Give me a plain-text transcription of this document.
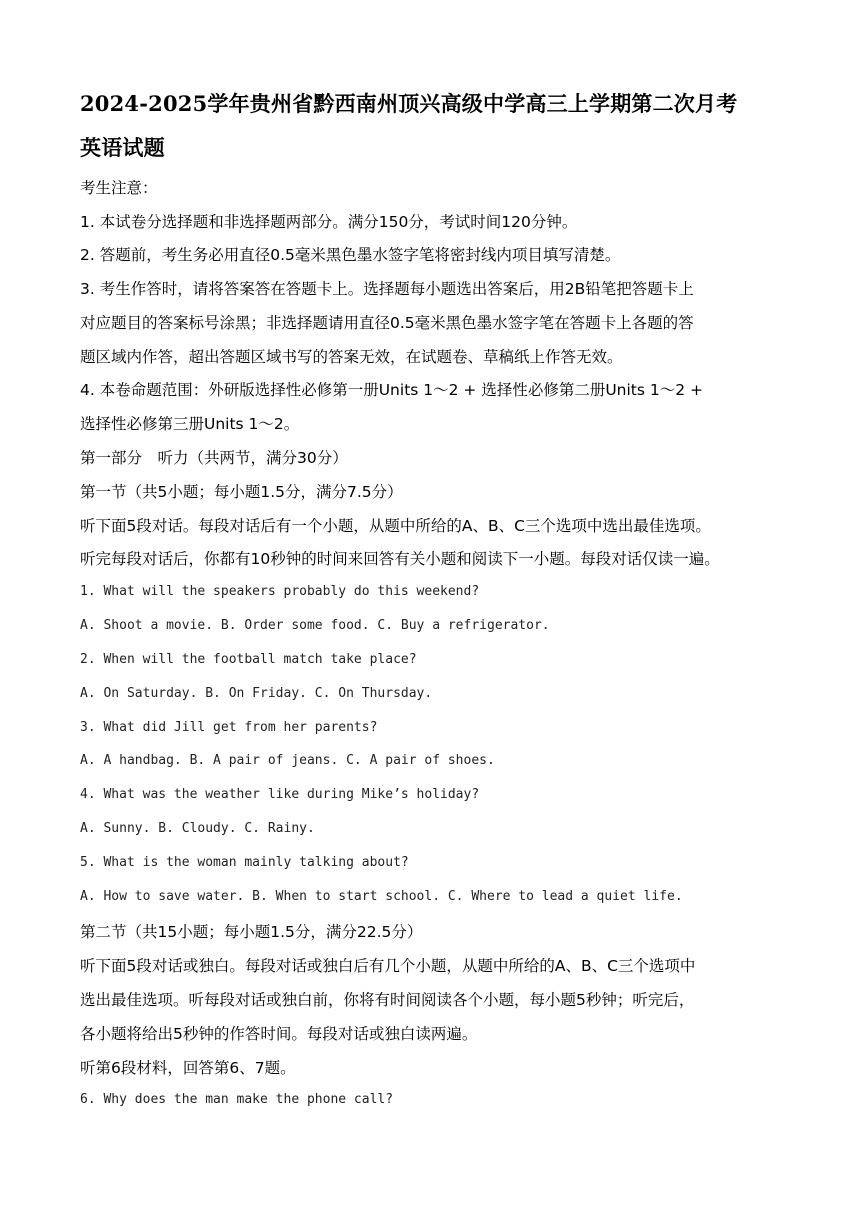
2024-2025学年贵州省黔西南州顶兴高级中学高三上学期第二次月考
英语试题
考生注意：
1. 本试卷分选择题和非选择题两部分。满分150分，考试时间120分钟。
2. 答题前，考生务必用直径0.5毫米黑色墨水签字笔将密封线内项目填写清楚。
3. 考生作答时，请将答案答在答题卡上。选择题每小题选出答案后，用2B铅笔把答题卡上
对应题目的答案标号涂黑；非选择题请用直径0.5毫米黑色墨水签字笔在答题卡上各题的答
题区域内作答，超出答题区域书写的答案无效，在试题卷、草稿纸上作答无效。
4. 本卷命题范围：外研版选择性必修第一册Units 1～2 + 选择性必修第二册Units 1～2 +
选择性必修第三册Units 1～2。
第一部分　听力（共两节，满分30分）
第一节（共5小题；每小题1.5分，满分7.5分）
听下面5段对话。每段对话后有一个小题，从题中所给的A、B、C三个选项中选出最佳选项。
听完每段对话后，你都有10秒钟的时间来回答有关小题和阅读下一小题。每段对话仅读一遍。
1. What will the speakers probably do this weekend?
A. Shoot a movie. B. Order some food. C. Buy a refrigerator.
2. When will the football match take place?
A. On Saturday. B. On Friday. C. On Thursday.
3. What did Jill get from her parents?
A. A handbag. B. A pair of jeans. C. A pair of shoes.
4. What was the weather like during Mike’s holiday?
A. Sunny. B. Cloudy. C. Rainy.
5. What is the woman mainly talking about?
A. How to save water. B. When to start school. C. Where to lead a quiet life.
第二节（共15小题；每小题1.5分，满分22.5分）
听下面5段对话或独白。每段对话或独白后有几个小题，从题中所给的A、B、C三个选项中
选出最佳选项。听每段对话或独白前，你将有时间阅读各个小题，每小题5秒钟；听完后，
各小题将给出5秒钟的作答时间。每段对话或独白读两遍。
听第6段材料，回答第6、7题。
6. Why does the man make the phone call?
